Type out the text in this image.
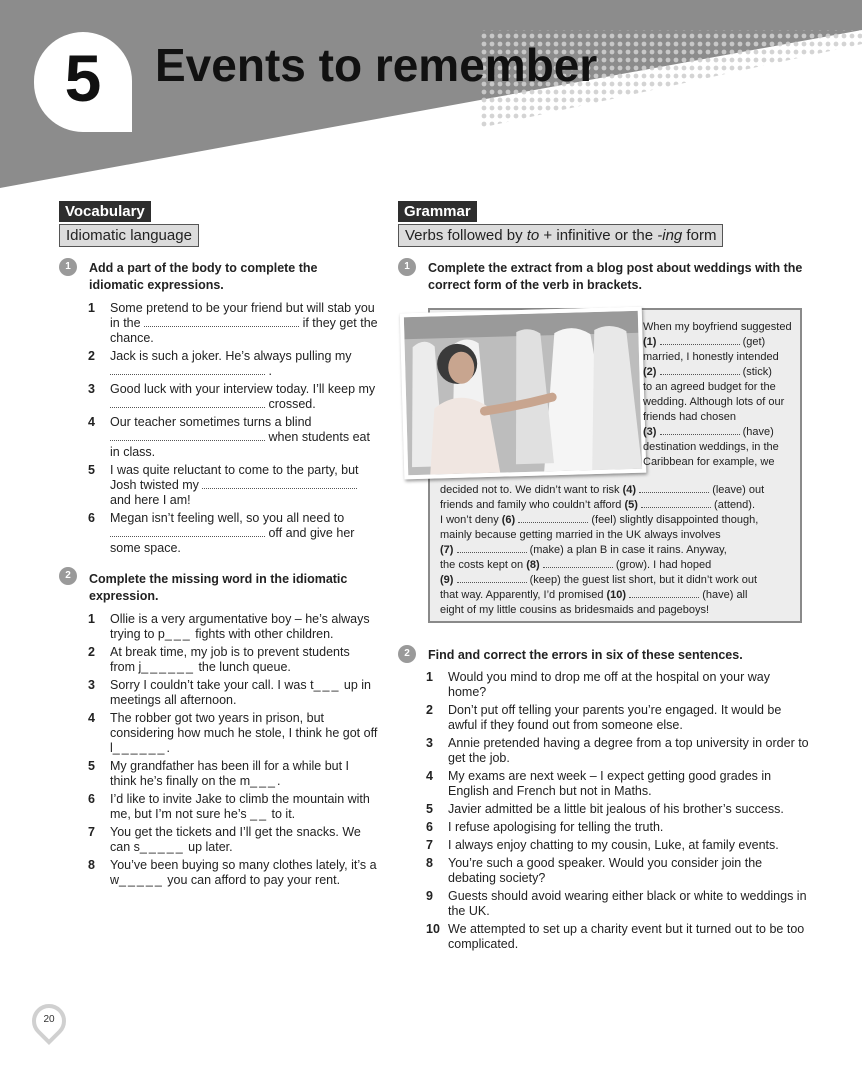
5	Events to remember
Vocabulary
Idiomatic language
1	Add a part of the body to complete the idiomatic expressions.
1 Some pretend to be your friend but will stab you in the	if they get the chance.
2 Jack is such a joker. He’s always pulling my
.
3 Good luck with your interview today. I’ll keep my  crossed.
4 Our teacher sometimes turns a blind
when students eat in class.
5 I was quite reluctant to come to the party, but Josh twisted my  and here I am!
6 Megan isn’t feeling well, so you all need to
off and give her some space.
2	Complete the missing word in the idiomatic expression.
1 Ollie is a very argumentative boy – he’s always trying to p___ fights with other children.
2 At break time, my job is to prevent students from j______ the lunch queue.
3 Sorry I couldn’t take your call. I was t___ up in meetings all afternoon.
4 The robber got two years in prison, but considering how much he stole, I think he got off l______.
5 My grandfather has been ill for a while but I think he’s finally on the m___.
6 I’d like to invite Jake to climb the mountain with me, but I’m not sure he’s __ to it.
7 You get the tickets and I’ll get the snacks. We can s_____ up later.
8 You’ve been buying so many clothes lately, it’s a w_____ you can afford to pay your rent.
Grammar
Verbs followed by to + infinitive or the -ing form
1	Complete the extract from a blog post about weddings with the correct form of the verb in brackets.
When my boyfriend suggested
(1)	(get)
married, I honestly intended
(2)	(stick)
to an agreed budget for the wedding. Although lots of our friends had chosen
(3)	(have)
destination weddings, in the Caribbean for example, we
decided not to. We didn’t want to risk (4)	(leave) out
friends and family who couldn’t afford (5)	(attend).
I won’t deny (6)	(feel) slightly disappointed though,
mainly because getting married in the UK always involves
(7)	(make) a plan B in case it rains. Anyway,
the costs kept on (8)	(grow). I had hoped
(9)	(keep) the guest list short, but it didn’t work out
that way. Apparently, I’d promised (10)	(have) all
eight of my little cousins as bridesmaids and pageboys!
2	Find and correct the errors in six of these sentences.
1 Would you mind to drop me off at the hospital on your way home?
2 Don’t put off telling your parents you’re engaged. It would be awful if they found out from someone else.
3 Annie pretended having a degree from a top university in order to get the job.
4 My exams are next week – I expect getting good grades in English and French but not in Maths.
5 Javier admitted be a little bit jealous of his brother’s success.
6 I refuse apologising for telling the truth.
7 I always enjoy chatting to my cousin, Luke, at family events.
8 You’re such a good speaker. Would you consider join the debating society?
9 Guests should avoid wearing either black or white to weddings in the UK.
10 We attempted to set up a charity event but it turned out to be too complicated.
20
